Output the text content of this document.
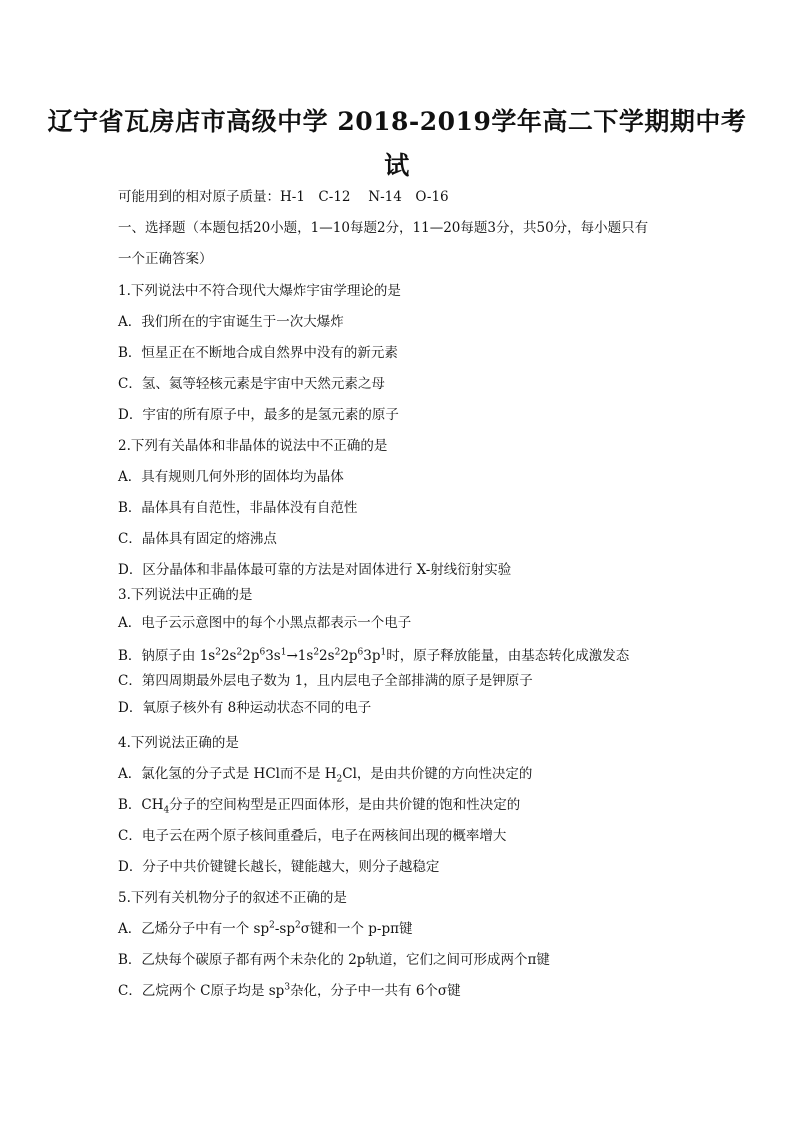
辽宁省瓦房店市高级中学 2018-2019学年高二下学期期中考
试
可能用到的相对原子质量：H-1　C-12　 N-14　O-16
一、选择题（本题包括20小题，1—10每题2分，11—20每题3分，共50分，每小题只有
一个正确答案）
1.下列说法中不符合现代大爆炸宇宙学理论的是
A．我们所在的宇宙诞生于一次大爆炸
B．恒星正在不断地合成自然界中没有的新元素
C．氢、氦等轻核元素是宇宙中天然元素之母
D．宇宙的所有原子中，最多的是氢元素的原子
2.下列有关晶体和非晶体的说法中不正确的是
A．具有规则几何外形的固体均为晶体
B．晶体具有自范性，非晶体没有自范性
C．晶体具有固定的熔沸点
D．区分晶体和非晶体最可靠的方法是对固体进行 X-射线衍射实验
3.下列说法中正确的是
A．电子云示意图中的每个小黑点都表示一个电子
B．钠原子由 $1s^22s^22p^63s^1\to 1s^22s^22p^63p^1$时，原子释放能量，由基态转化成激发态
C．第四周期最外层电子数为 1，且内层电子全部排满的原子是钾原子
D．氧原子核外有 8种运动状态不同的电子
4.下列说法正确的是
A．氯化氢的分子式是 HCl而不是 $H_2Cl$，是由共价键的方向性决定的
B．$CH_4$分子的空间构型是正四面体形，是由共价键的饱和性决定的
C．电子云在两个原子核间重叠后，电子在两核间出现的概率增大
D．分子中共价键键长越长，键能越大，则分子越稳定
5.下列有关机物分子的叙述不正确的是
A．乙烯分子中有一个 $sp^2-sp^2\sigma$键和一个 p-pπ键
B．乙炔每个碳原子都有两个未杂化的 2p轨道，它们之间可形成两个π键
C．乙烷两个 C原子均是 $sp^3$杂化，分子中一共有 6个σ键
